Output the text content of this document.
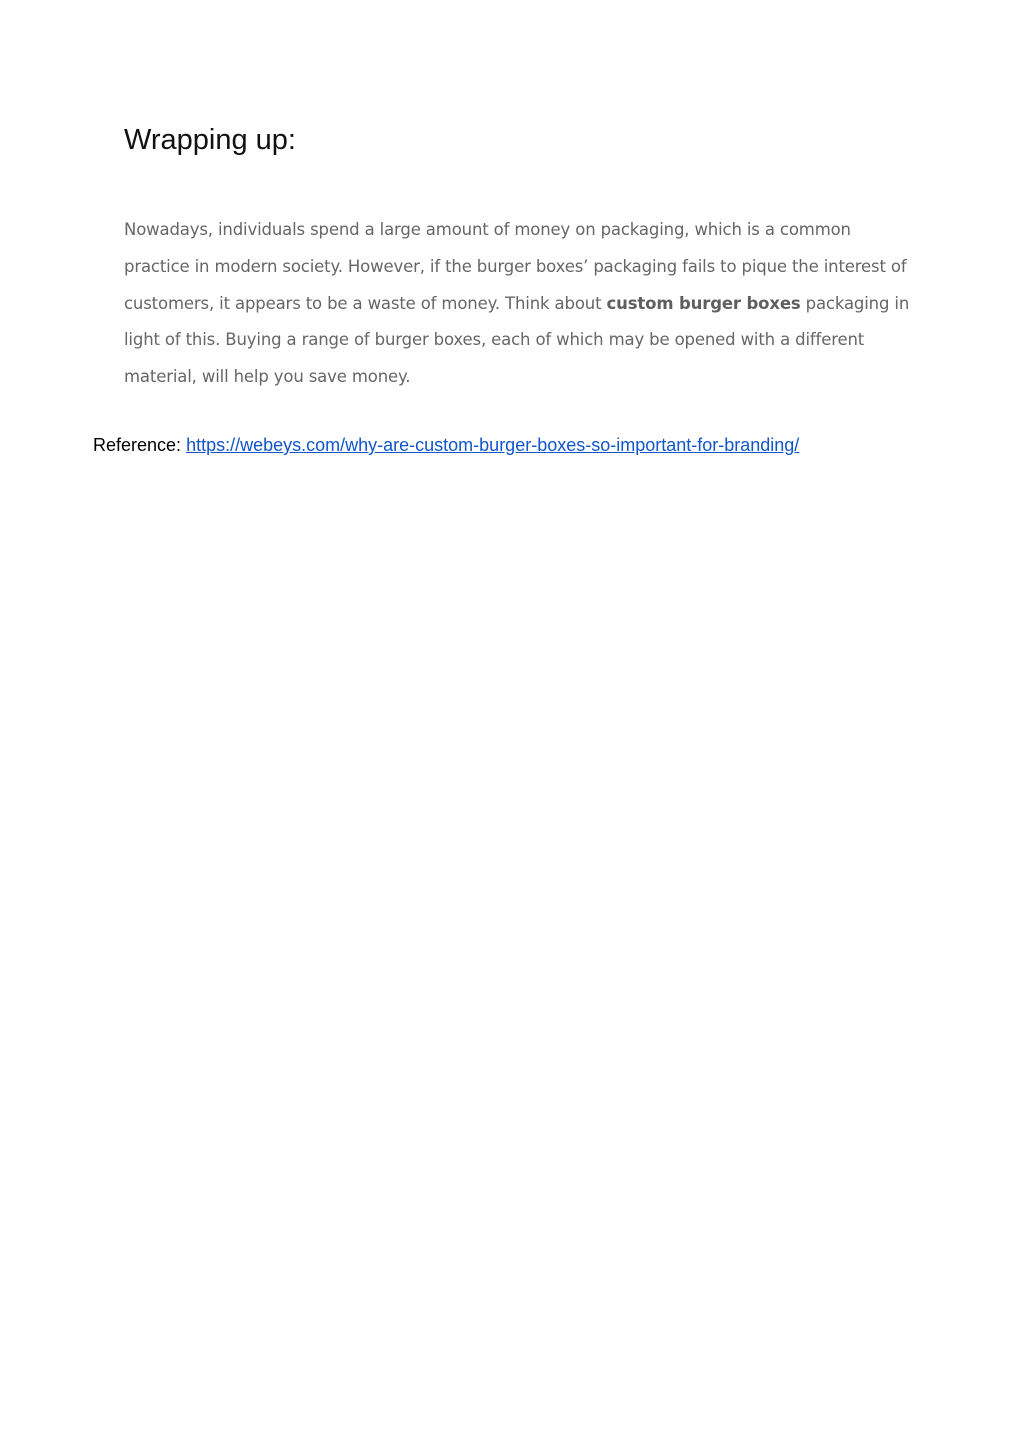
Wrapping up:

Nowadays, individuals spend a large amount of money on packaging, which is a common
practice in modern society. However, if the burger boxes’ packaging fails to pique the interest of
customers, it appears to be a waste of money. Think about custom burger boxes packaging in
light of this. Buying a range of burger boxes, each of which may be opened with a different
material, will help you save money.

Reference: https://webeys.com/why-are-custom-burger-boxes-so-important-for-branding/
